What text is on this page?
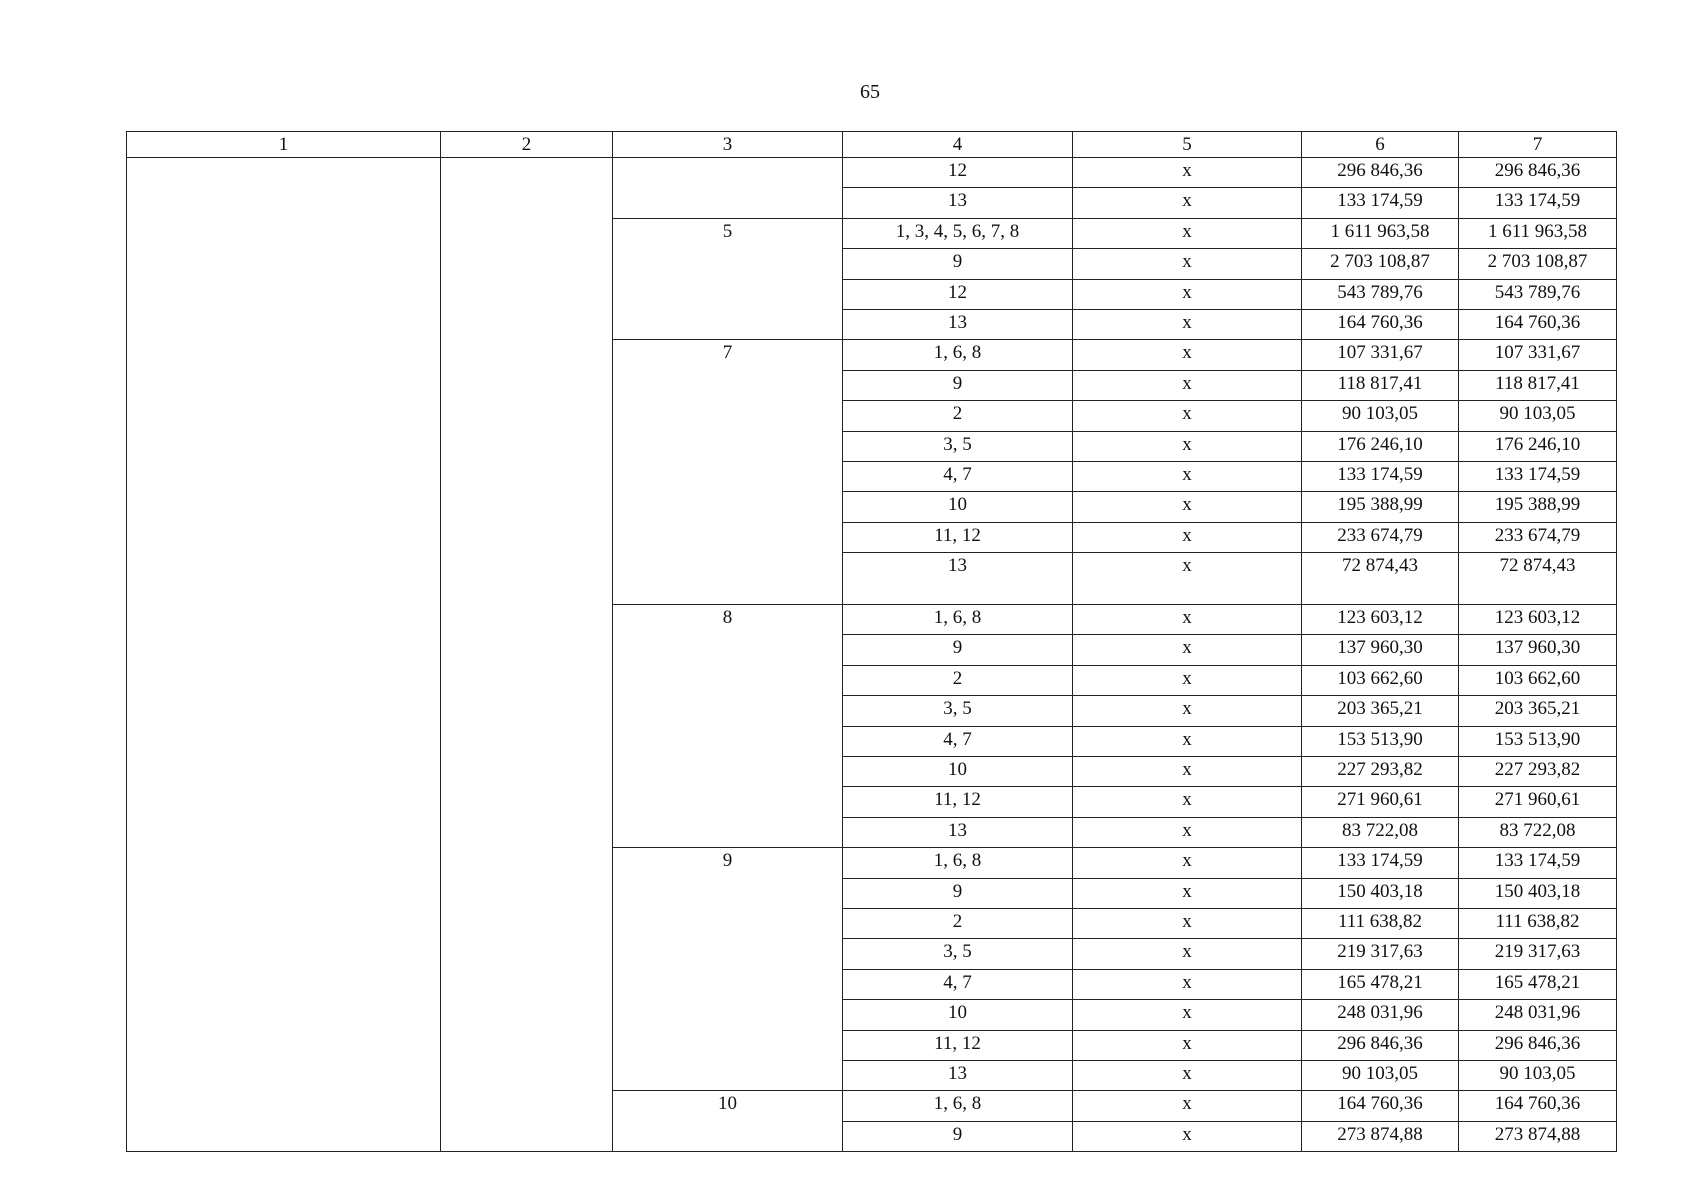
65
1	2	3	4	5	6	7
			12	x	296 846,36	296 846,36
			13	x	133 174,59	133 174,59
		5	1, 3, 4, 5, 6, 7, 8	x	1 611 963,58	1 611 963,58
			9	x	2 703 108,87	2 703 108,87
			12	x	543 789,76	543 789,76
			13	x	164 760,36	164 760,36
		7	1, 6, 8	x	107 331,67	107 331,67
			9	x	118 817,41	118 817,41
			2	x	90 103,05	90 103,05
			3, 5	x	176 246,10	176 246,10
			4, 7	x	133 174,59	133 174,59
			10	x	195 388,99	195 388,99
			11, 12	x	233 674,79	233 674,79
			13	x	72 874,43	72 874,43
		8	1, 6, 8	x	123 603,12	123 603,12
			9	x	137 960,30	137 960,30
			2	x	103 662,60	103 662,60
			3, 5	x	203 365,21	203 365,21
			4, 7	x	153 513,90	153 513,90
			10	x	227 293,82	227 293,82
			11, 12	x	271 960,61	271 960,61
			13	x	83 722,08	83 722,08
		9	1, 6, 8	x	133 174,59	133 174,59
			9	x	150 403,18	150 403,18
			2	x	111 638,82	111 638,82
			3, 5	x	219 317,63	219 317,63
			4, 7	x	165 478,21	165 478,21
			10	x	248 031,96	248 031,96
			11, 12	x	296 846,36	296 846,36
			13	x	90 103,05	90 103,05
		10	1, 6, 8	x	164 760,36	164 760,36
			9	x	273 874,88	273 874,88
